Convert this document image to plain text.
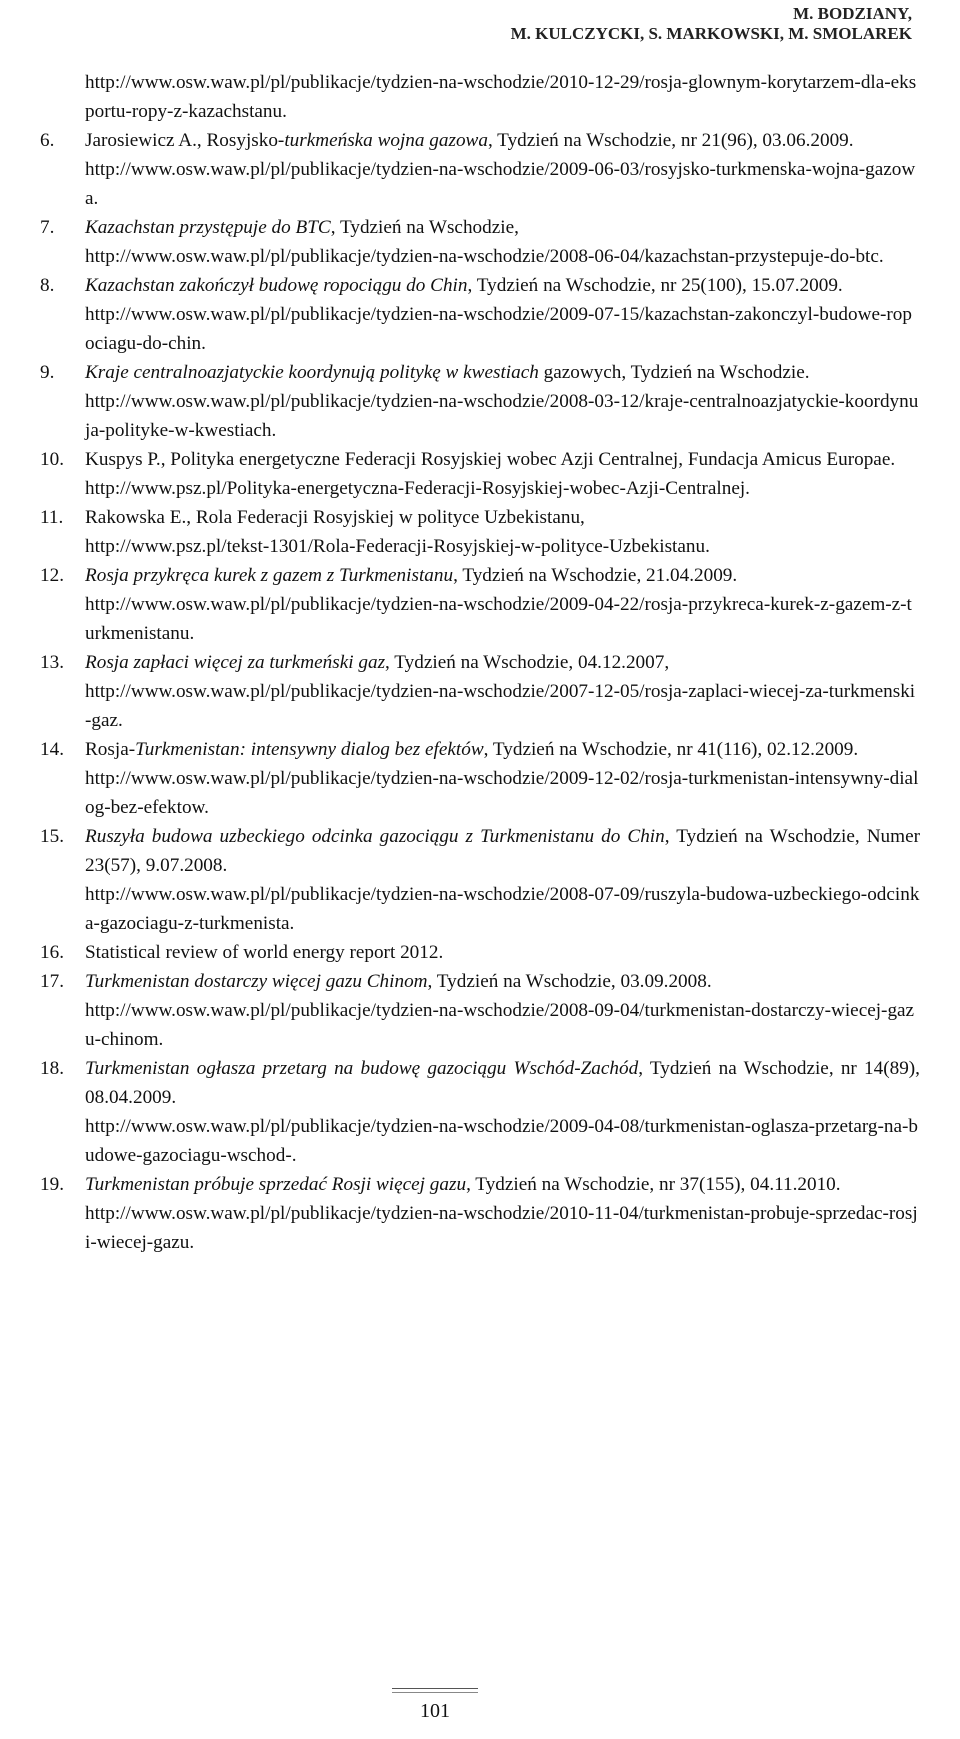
M. BODZIANY,
M. KULCZYCKI, S. MARKOWSKI, M. SMOLAREK
http://www.osw.waw.pl/pl/publikacje/tydzien-na-wschodzie/2010-12-29/rosja-glownym-korytarzem-dla-eksportu-ropy-z-kazachstanu.
6.	Jarosiewicz A., Rosyjsko-turkmeńska wojna gazowa, Tydzień na Wschodzie, nr 21(96), 03.06.2009.
http://www.osw.waw.pl/pl/publikacje/tydzien-na-wschodzie/2009-06-03/rosyjsko-turkmenska-wojna-gazowa.
7.	Kazachstan przystępuje do BTC, Tydzień na Wschodzie,
http://www.osw.waw.pl/pl/publikacje/tydzien-na-wschodzie/2008-06-04/kazachstan-przystepuje-do-btc.
8.	Kazachstan zakończył budowę ropociągu do Chin, Tydzień na Wschodzie, nr 25(100), 15.07.2009.
http://www.osw.waw.pl/pl/publikacje/tydzien-na-wschodzie/2009-07-15/kazachstan-zakonczyl-budowe-ropociagu-do-chin.
9.	Kraje centralnoazjatyckie koordynują politykę w kwestiach gazowych, Tydzień na Wschodzie.
http://www.osw.waw.pl/pl/publikacje/tydzien-na-wschodzie/2008-03-12/kraje-centralnoazjatyckie-koordynuja-polityke-w-kwestiach.
10.	Kuspys P., Polityka energetyczne Federacji Rosyjskiej wobec Azji Centralnej, Fundacja Amicus Europae.
http://www.psz.pl/Polityka-energetyczna-Federacji-Rosyjskiej-wobec-Azji-Centralnej.
11.	Rakowska E., Rola Federacji Rosyjskiej w polityce Uzbekistanu,
http://www.psz.pl/tekst-1301/Rola-Federacji-Rosyjskiej-w-polityce-Uzbekistanu.
12.	Rosja przykręca kurek z gazem z Turkmenistanu, Tydzień na Wschodzie, 21.04.2009.
http://www.osw.waw.pl/pl/publikacje/tydzien-na-wschodzie/2009-04-22/rosja-przykreca-kurek-z-gazem-z-turkmenistanu.
13.	Rosja zapłaci więcej za turkmeński gaz, Tydzień na Wschodzie, 04.12.2007,
http://www.osw.waw.pl/pl/publikacje/tydzien-na-wschodzie/2007-12-05/rosja-zaplaci-wiecej-za-turkmenski-gaz.
14.	Rosja-Turkmenistan: intensywny dialog bez efektów, Tydzień na Wschodzie, nr 41(116), 02.12.2009.
http://www.osw.waw.pl/pl/publikacje/tydzien-na-wschodzie/2009-12-02/rosja-turkmenistan-intensywny-dialog-bez-efektow.
15.	Ruszyła budowa uzbeckiego odcinka gazociągu z Turkmenistanu do Chin, Tydzień na Wschodzie, Numer 23(57), 9.07.2008.
http://www.osw.waw.pl/pl/publikacje/tydzien-na-wschodzie/2008-07-09/ruszyla-budowa-uzbeckiego-odcinka-gazociagu-z-turkmenista.
16.	Statistical review of world energy report 2012.
17.	Turkmenistan dostarczy więcej gazu Chinom, Tydzień na Wschodzie, 03.09.2008.
http://www.osw.waw.pl/pl/publikacje/tydzien-na-wschodzie/2008-09-04/turkmenistan-dostarczy-wiecej-gazu-chinom.
18.	Turkmenistan ogłasza przetarg na budowę gazociągu Wschód-Zachód, Tydzień na Wschodzie, nr 14(89), 08.04.2009.
http://www.osw.waw.pl/pl/publikacje/tydzien-na-wschodzie/2009-04-08/turkmenistan-oglasza-przetarg-na-budowe-gazociagu-wschod-.
19.	Turkmenistan próbuje sprzedać Rosji więcej gazu, Tydzień na Wschodzie, nr 37(155), 04.11.2010.
http://www.osw.waw.pl/pl/publikacje/tydzien-na-wschodzie/2010-11-04/turkmenistan-probuje-sprzedac-rosji-wiecej-gazu.
101
